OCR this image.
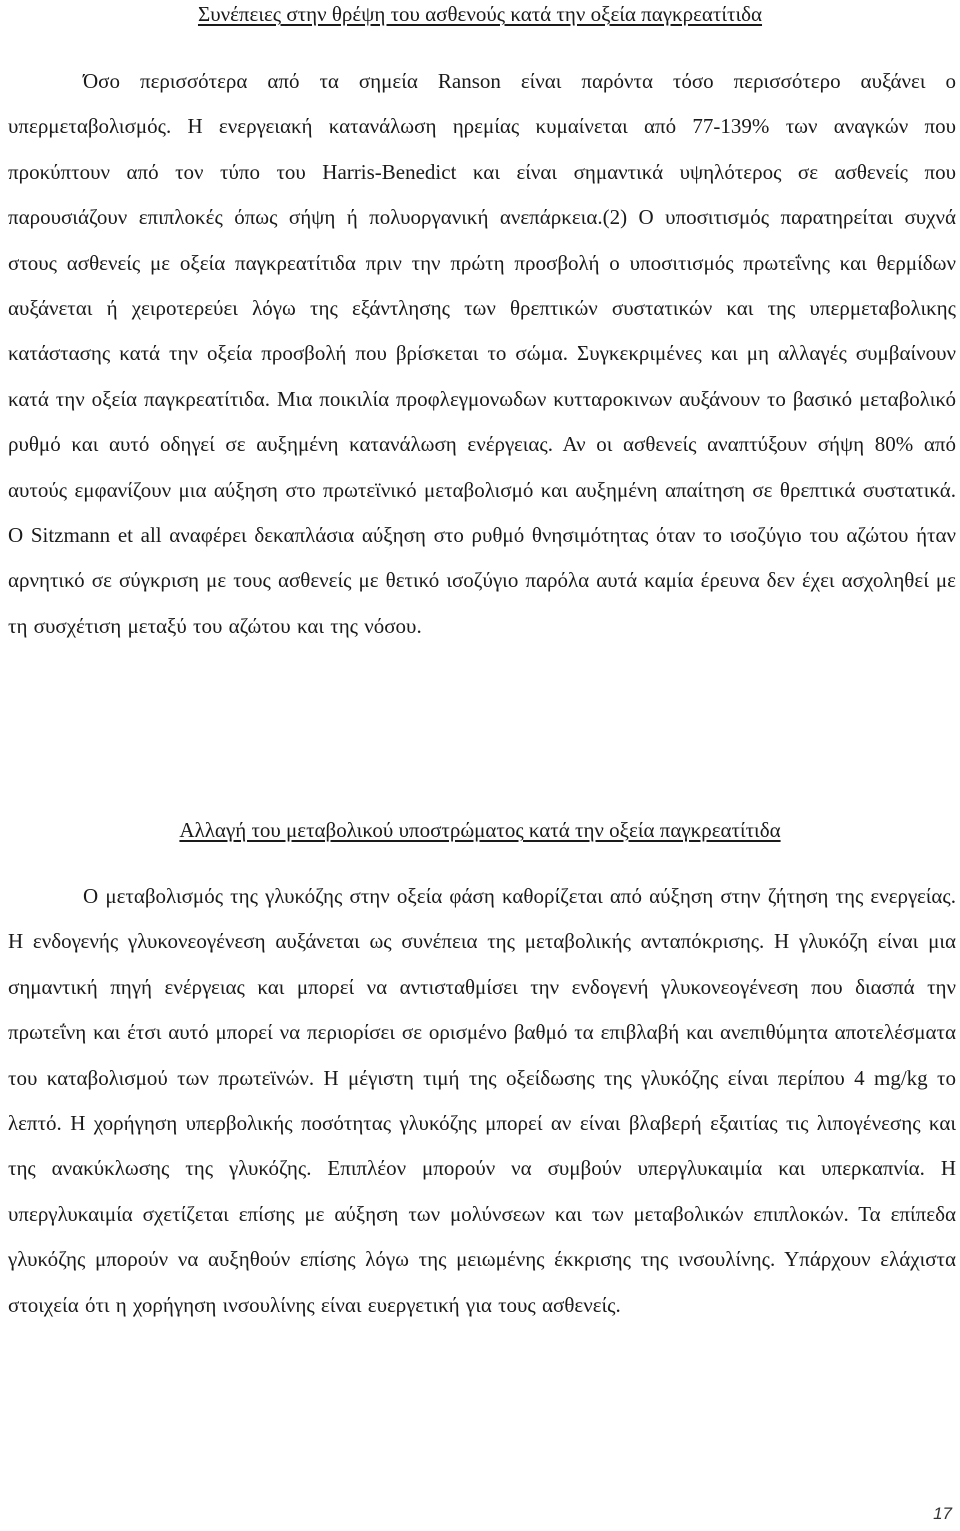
Συνέπειες στην θρέψη του ασθενούς κατά την οξεία παγκρεατίτιδα
Όσο περισσότερα από τα σημεία Ranson είναι παρόντα τόσο περισσότερο αυξάνει ο υπερμεταβολισμός. Η ενεργειακή κατανάλωση ηρεμίας κυμαίνεται από 77-139% των αναγκών που προκύπτουν από τον τύπο του Harris-Benedict και είναι σημαντικά υψηλότερος σε ασθενείς που παρουσιάζουν επιπλοκές όπως σήψη ή πολυοργανική ανεπάρκεια.(2) Ο υποσιτισμός παρατηρείται συχνά στους ασθενείς με οξεία παγκρεατίτιδα πριν την πρώτη προσβολή ο υποσιτισμός πρωτεΐνης και θερμίδων αυξάνεται ή χειροτερεύει λόγω της εξάντλησης των θρεπτικών συστατικών και της υπερμεταβολικης κατάστασης κατά την οξεία προσβολή που βρίσκεται το σώμα. Συγκεκριμένες και μη αλλαγές συμβαίνουν κατά την οξεία παγκρεατίτιδα. Μια ποικιλία προφλεγμονωδων κυτταροκινων αυξάνουν το βασικό μεταβολικό ρυθμό και αυτό οδηγεί σε αυξημένη κατανάλωση ενέργειας. Αν οι ασθενείς αναπτύξουν σήψη 80% από αυτούς εμφανίζουν μια αύξηση στο πρωτεϊνικό μεταβολισμό και αυξημένη απαίτηση σε θρεπτικά συστατικά. Ο Sitzmann et all αναφέρει δεκαπλάσια αύξηση στο ρυθμό θνησιμότητας όταν το ισοζύγιο του αζώτου ήταν αρνητικό σε σύγκριση με τους ασθενείς με θετικό ισοζύγιο παρόλα αυτά καμία έρευνα δεν έχει ασχοληθεί με τη συσχέτιση μεταξύ του αζώτου και της νόσου.
Αλλαγή του μεταβολικού υποστρώματος κατά την οξεία παγκρεατίτιδα
Ο μεταβολισμός της γλυκόζης στην οξεία φάση καθορίζεται από αύξηση στην ζήτηση της ενεργείας. Η ενδογενής γλυκονεογένεση αυξάνεται ως συνέπεια της μεταβολικής ανταπόκρισης. Η γλυκόζη είναι μια σημαντική πηγή ενέργειας και μπορεί να αντισταθμίσει την ενδογενή γλυκονεογένεση που διασπά την πρωτεΐνη και έτσι αυτό μπορεί να περιορίσει σε ορισμένο βαθμό τα επιβλαβή και ανεπιθύμητα αποτελέσματα του καταβολισμού των πρωτεϊνών. Η μέγιστη τιμή της οξείδωσης της γλυκόζης είναι περίπου 4 mg/kg το λεπτό. Η χορήγηση υπερβολικής ποσότητας γλυκόζης μπορεί αν είναι βλαβερή εξαιτίας τις λιπογένεσης και της ανακύκλωσης της γλυκόζης. Επιπλέον μπορούν να συμβούν υπεργλυκαιμία και υπερκαπνία. Η υπεργλυκαιμία σχετίζεται επίσης με αύξηση των μολύνσεων και των μεταβολικών επιπλοκών. Τα επίπεδα γλυκόζης μπορούν να αυξηθούν επίσης λόγω της μειωμένης έκκρισης της ινσουλίνης. Υπάρχουν ελάχιστα στοιχεία ότι η χορήγηση ινσουλίνης είναι ευεργετική για τους ασθενείς.
17
